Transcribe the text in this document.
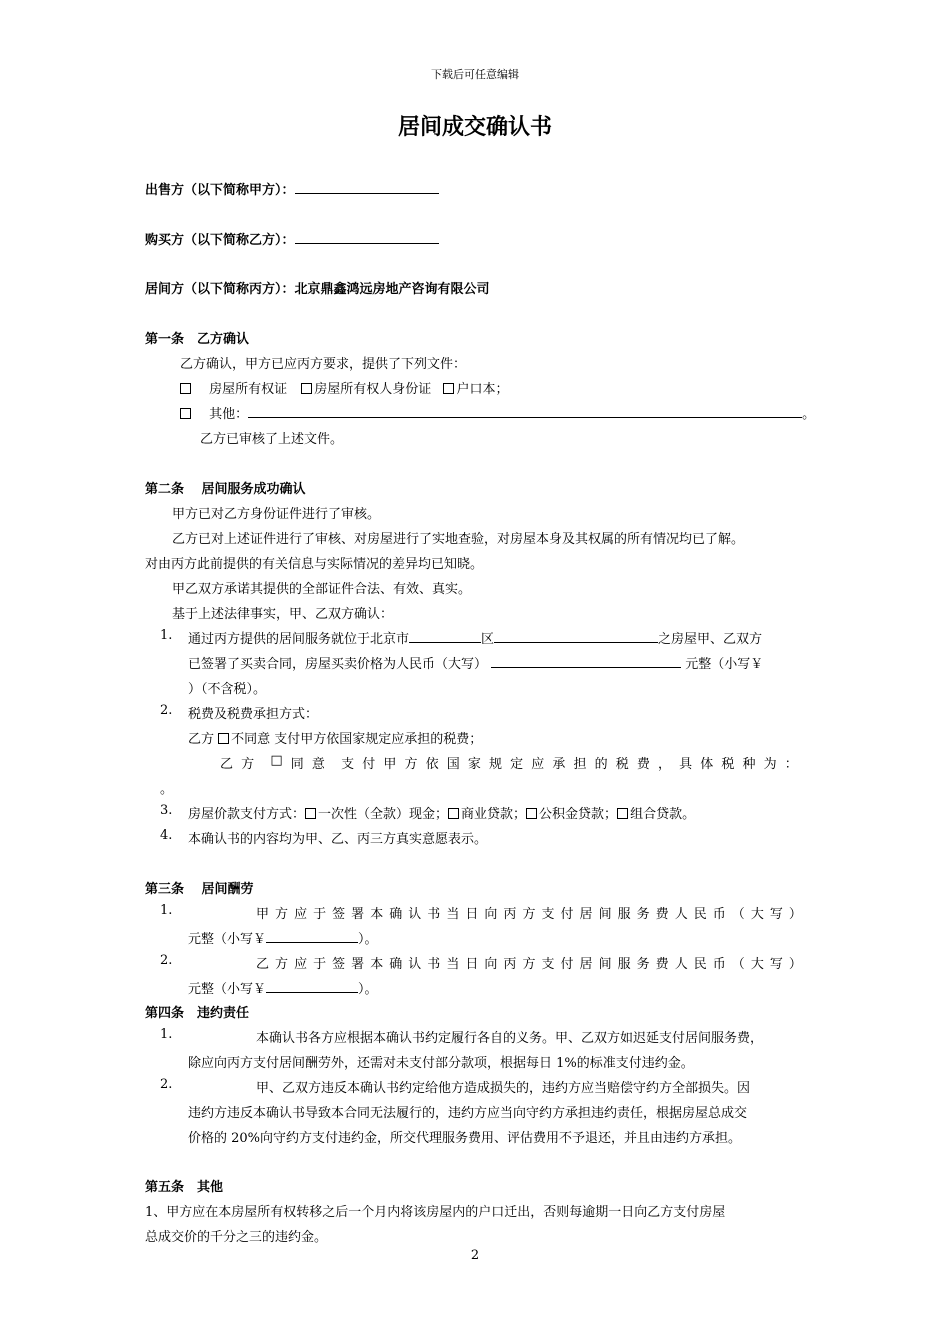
下载后可任意编辑
居间成交确认书
出售方（以下简称甲方）：
购买方（以下简称乙方）：
居间方（以下简称丙方）：北京鼎鑫鸿远房地产咨询有限公司
第一条　乙方确认
乙方确认，甲方已应丙方要求，提供了下列文件：
房屋所有权证 房屋所有权人身份证 户口本；
其他：	。
乙方已审核了上述文件。
第二条　 居间服务成功确认
甲方已对乙方身份证件进行了审核。
乙方已对上述证件进行了审核、对房屋进行了实地查验，对房屋本身及其权属的所有情况均已了解。
对由丙方此前提供的有关信息与实际情况的差异均已知晓。
甲乙双方承诺其提供的全部证件合法、有效、真实。
基于上述法律事实，甲、乙双方确认：
1. 通过丙方提供的居间服务就位于北京市	区	之房屋甲、乙双方
已签署了买卖合同，房屋买卖价格为人民币（大写）	元整（小写￥
）（不含税）。
2. 税费及税费承担方式：
乙方 不同意 支付甲方依国家规定应承担的税费；
乙 方 □ 同 意 支 付 甲 方 依 国 家 规 定 应 承 担 的 税 费 ， 具 体 税 种 为 ：
。
3. 房屋价款支付方式： 一次性（全款）现金； 商业贷款； 公积金贷款； 组合贷款。
4. 本确认书的内容均为甲、乙、丙三方真实意愿表示。
第三条　 居间酬劳
1.	甲 方 应 于 签 署 本 确 认 书 当 日 向 丙 方 支 付 居 间 服 务 费 人 民 币 （ 大 写 ）
元整（小写￥	）。
2.	乙 方 应 于 签 署 本 确 认 书 当 日 向 丙 方 支 付 居 间 服 务 费 人 民 币 （ 大 写 ）
元整（小写￥	）。
第四条　违约责任
1.	本确认书各方应根据本确认书约定履行各自的义务。甲、乙双方如迟延支付居间服务费，
除应向丙方支付居间酬劳外，还需对未支付部分款项，根据每日 1%的标准支付违约金。
2.	甲、乙双方违反本确认书约定给他方造成损失的，违约方应当赔偿守约方全部损失。因
违约方违反本确认书导致本合同无法履行的，违约方应当向守约方承担违约责任，根据房屋总成交
价格的 20%向守约方支付违约金，所交代理服务费用、评估费用不予退还，并且由违约方承担。
第五条　其他
1、甲方应在本房屋所有权转移之后一个月内将该房屋内的户口迁出，否则每逾期一日向乙方支付房屋
总成交价的千分之三的违约金。
2
